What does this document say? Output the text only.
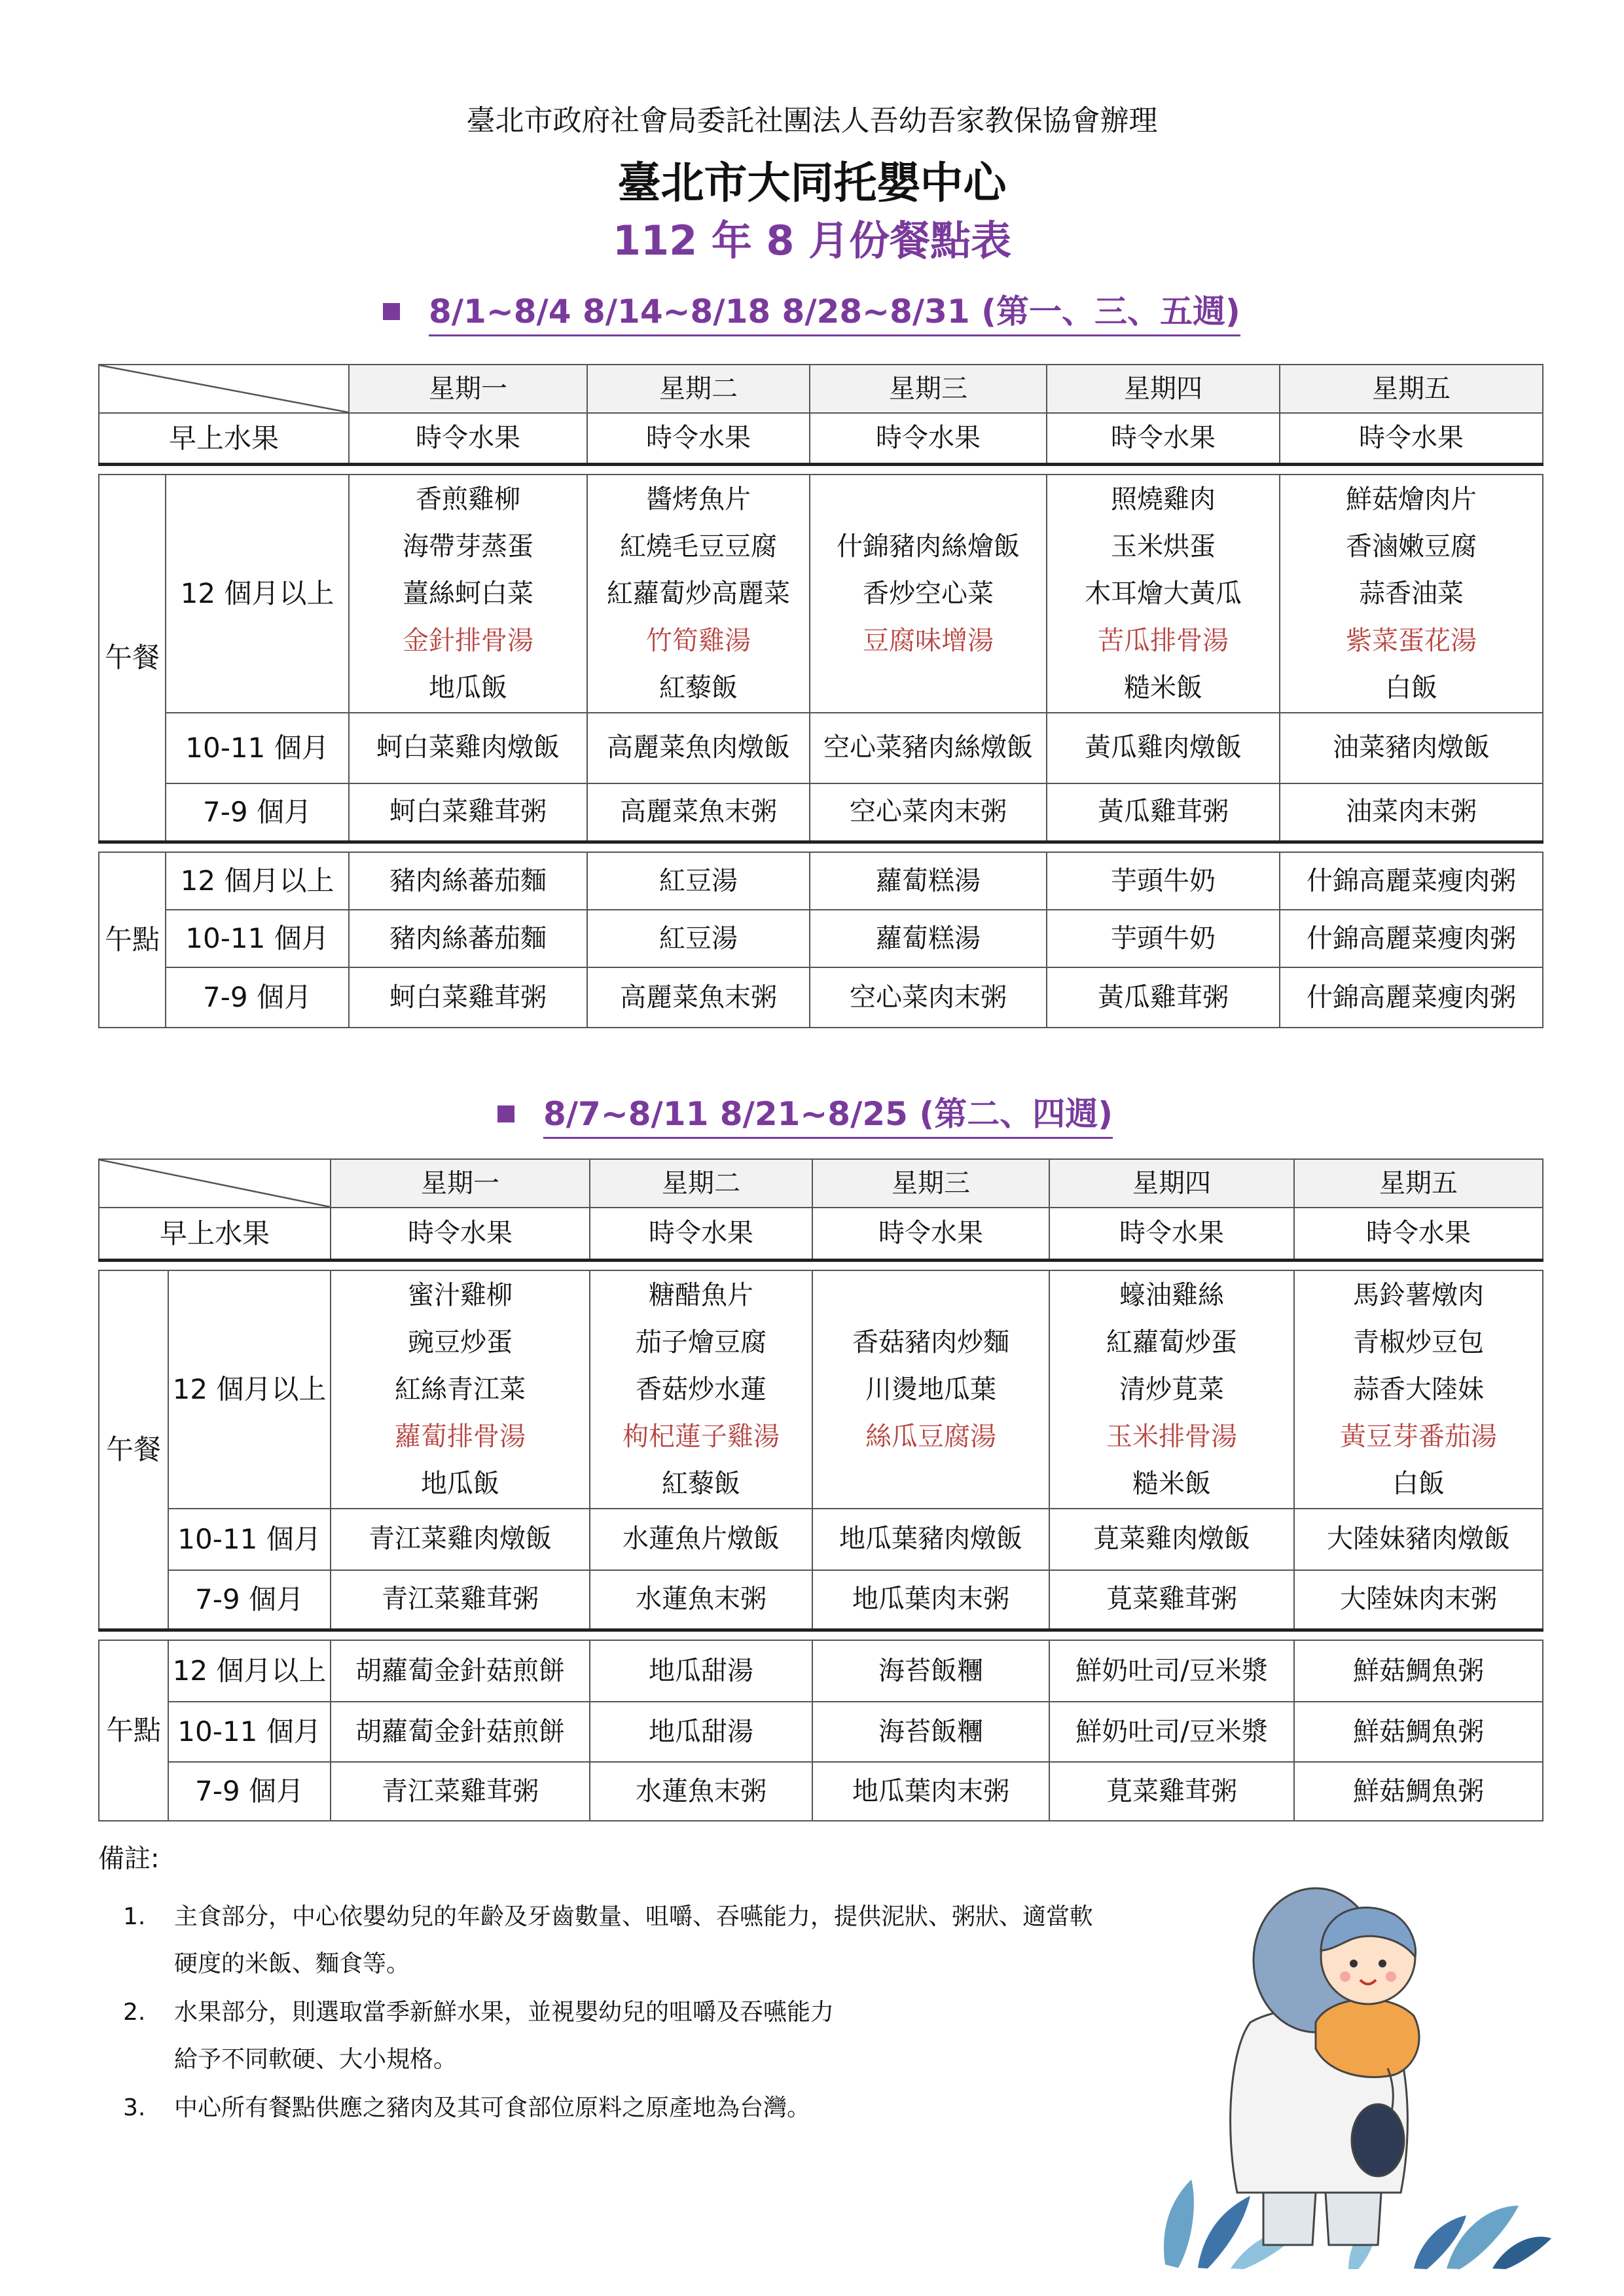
臺北市政府社會局委託社團法人吾幼吾家教保協會辦理
臺北市大同托嬰中心
112 年 8 月份餐點表
8/1~8/4 8/14~8/18 8/28~8/31 (第一、三、五週)
		星期一	星期二	星期三	星期四	星期五
早上水果		時令水果	時令水果	時令水果	時令水果	時令水果

午餐	12 個月以上	香煎雞柳
海帶芽蒸蛋
薑絲蚵白菜
金針排骨湯
地瓜飯	醬烤魚片
紅燒毛豆豆腐
紅蘿蔔炒高麗菜
竹筍雞湯
紅藜飯	什錦豬肉絲燴飯
香炒空心菜
豆腐味增湯	照燒雞肉
玉米烘蛋
木耳燴大黃瓜
苦瓜排骨湯
糙米飯	鮮菇燴肉片
香滷嫩豆腐
蒜香油菜
紫菜蛋花湯
白飯

	10-11 個月	蚵白菜雞肉燉飯	高麗菜魚肉燉飯	空心菜豬肉絲燉飯	黃瓜雞肉燉飯	油菜豬肉燉飯
	7-9 個月	蚵白菜雞茸粥	高麗菜魚末粥	空心菜肉末粥	黃瓜雞茸粥	油菜肉末粥

午點	12 個月以上	豬肉絲蕃茄麵	紅豆湯	蘿蔔糕湯	芋頭牛奶	什錦高麗菜瘦肉粥
	10-11 個月	豬肉絲蕃茄麵	紅豆湯	蘿蔔糕湯	芋頭牛奶	什錦高麗菜瘦肉粥
	7-9 個月	蚵白菜雞茸粥	高麗菜魚末粥	空心菜肉末粥	黃瓜雞茸粥	什錦高麗菜瘦肉粥
8/7~8/11 8/21~8/25 (第二、四週)
		星期一	星期二	星期三	星期四	星期五
早上水果		時令水果	時令水果	時令水果	時令水果	時令水果

午餐	12 個月以上	蜜汁雞柳
豌豆炒蛋
紅絲青江菜
蘿蔔排骨湯
地瓜飯	糖醋魚片
茄子燴豆腐
香菇炒水蓮
枸杞蓮子雞湯
紅藜飯	香菇豬肉炒麵
川燙地瓜葉
絲瓜豆腐湯	蠔油雞絲
紅蘿蔔炒蛋
清炒莧菜
玉米排骨湯
糙米飯	馬鈴薯燉肉
青椒炒豆包
蒜香大陸妹
黃豆芽番茄湯
白飯

	10-11 個月	青江菜雞肉燉飯	水蓮魚片燉飯	地瓜葉豬肉燉飯	莧菜雞肉燉飯	大陸妹豬肉燉飯
	7-9 個月	青江菜雞茸粥	水蓮魚末粥	地瓜葉肉末粥	莧菜雞茸粥	大陸妹肉末粥

午點	12 個月以上	胡蘿蔔金針菇煎餅	地瓜甜湯	海苔飯糰	鮮奶吐司/豆米漿	鮮菇鯛魚粥
	10-11 個月	胡蘿蔔金針菇煎餅	地瓜甜湯	海苔飯糰	鮮奶吐司/豆米漿	鮮菇鯛魚粥
	7-9 個月	青江菜雞茸粥	水蓮魚末粥	地瓜葉肉末粥	莧菜雞茸粥	鮮菇鯛魚粥
備註:
1. 主食部分，中心依嬰幼兒的年齡及牙齒數量、咀嚼、吞嚥能力，提供泥狀、粥狀、適當軟
硬度的米飯、麵食等。
2. 水果部分，則選取當季新鮮水果，並視嬰幼兒的咀嚼及吞嚥能力
給予不同軟硬、大小規格。
3. 中心所有餐點供應之豬肉及其可食部位原料之原產地為台灣。
